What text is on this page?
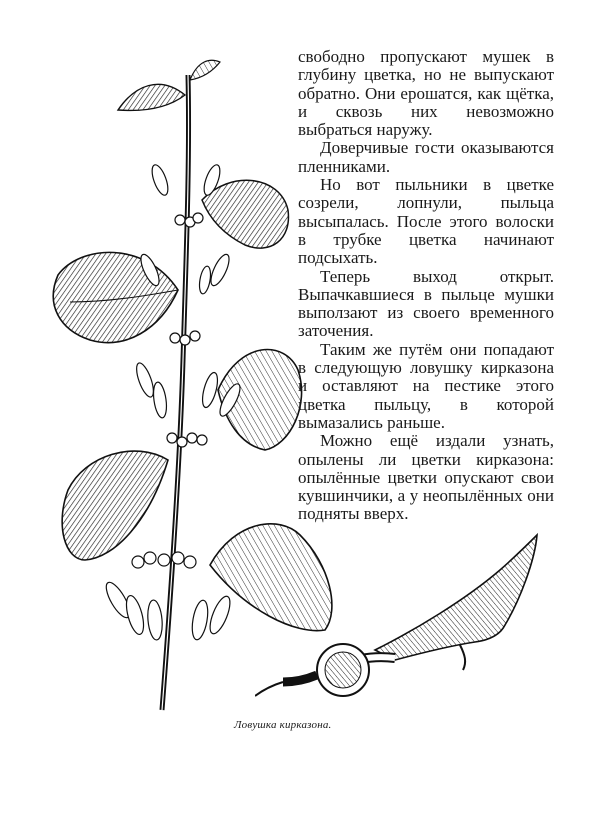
свободно пропускают мушек в глубину цветка, но не выпускают обратно. Они ерошатся, как щётка, и сквозь них невозможно выбраться наружу.

Доверчивые гости оказываются пленниками.

Но вот пыльники в цветке созрели, лопнули, пыльца высыпалась. После этого волоски в трубке цветка начинают подсыхать.

Теперь выход открыт. Выпачкавшиеся в пыльце мушки выползают из своего временного заточения.

Таким же путём они попадают в следующую ловушку кирказона и оставляют на пестике этого цветка пыльцу, в которой вымазались раньше.

Можно ещё издали узнать, опылены ли цветки кирказона: опылённые цветки опускают свои кувшинчики, а у неопылённых они подняты вверх.

Ловушка кирказона.
